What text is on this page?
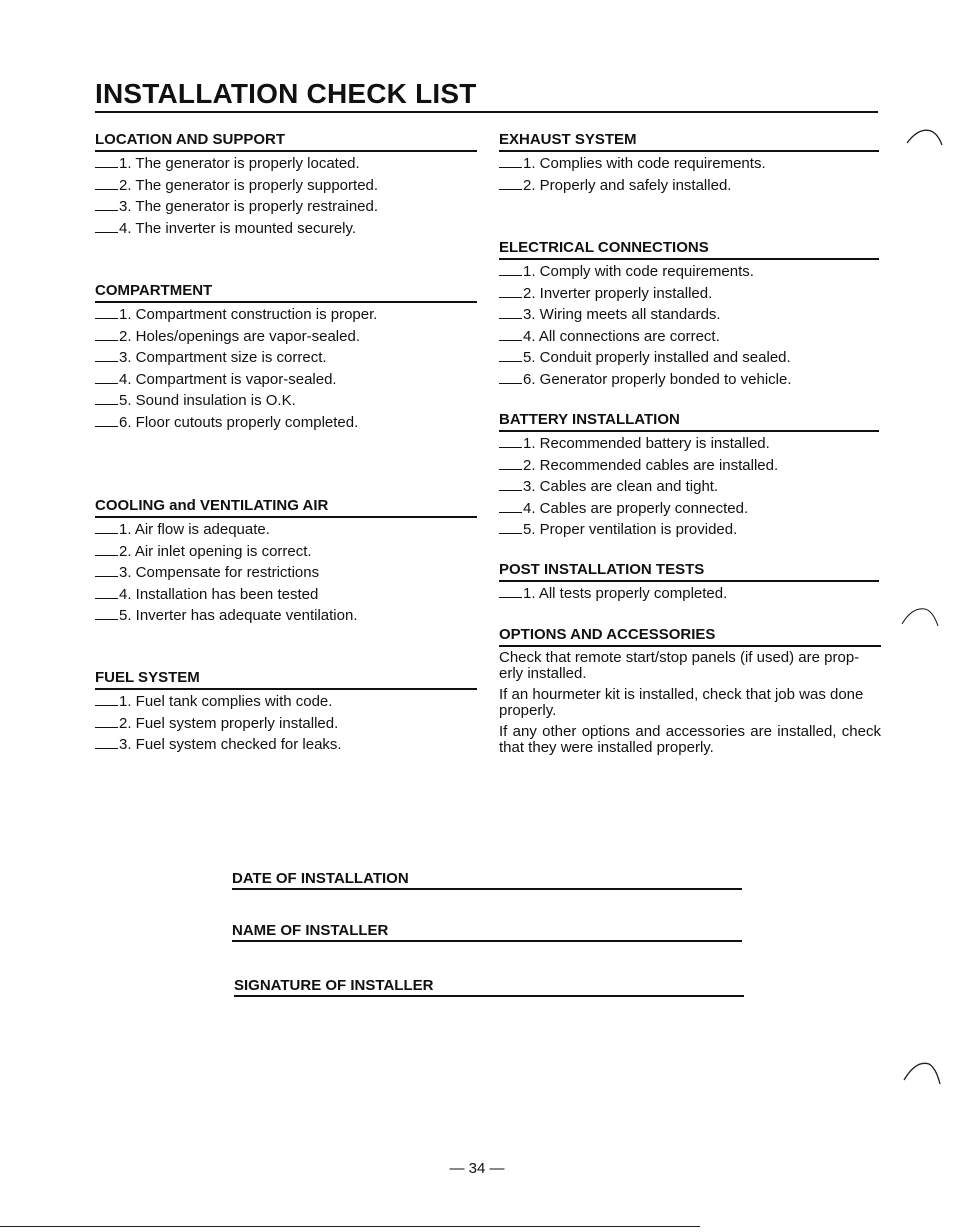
INSTALLATION CHECK LIST
LOCATION AND SUPPORT
1. The generator is properly located.
2. The generator is properly supported.
3. The generator is properly restrained.
4. The inverter is mounted securely.
COMPARTMENT
1. Compartment construction is proper.
2. Holes/openings are vapor-sealed.
3. Compartment size is correct.
4. Compartment is vapor-sealed.
5. Sound insulation is O.K.
6. Floor cutouts properly completed.
COOLING and VENTILATING AIR
1. Air flow is adequate.
2. Air inlet opening is correct.
3. Compensate for restrictions
4. Installation has been tested
5. Inverter has adequate ventilation.
FUEL SYSTEM
1. Fuel tank complies with code.
2. Fuel system properly installed.
3. Fuel system checked for leaks.
EXHAUST SYSTEM
1. Complies with code requirements.
2. Properly and safely installed.
ELECTRICAL CONNECTIONS
1. Comply with code requirements.
2. Inverter properly installed.
3. Wiring meets all standards.
4. All connections are correct.
5. Conduit properly installed and sealed.
6. Generator properly bonded to vehicle.
BATTERY INSTALLATION
1. Recommended battery is installed.
2. Recommended cables are installed.
3. Cables are clean and tight.
4. Cables are properly connected.
5. Proper ventilation is provided.
POST INSTALLATION TESTS
1. All tests properly completed.
OPTIONS AND ACCESSORIES
Check that remote start/stop panels (if used) are prop-erly installed.
If an hourmeter kit is installed, check that job was done properly.
If any other options and accessories are installed, check that they were installed properly.
DATE OF INSTALLATION
NAME OF INSTALLER
SIGNATURE OF INSTALLER
— 34 —
